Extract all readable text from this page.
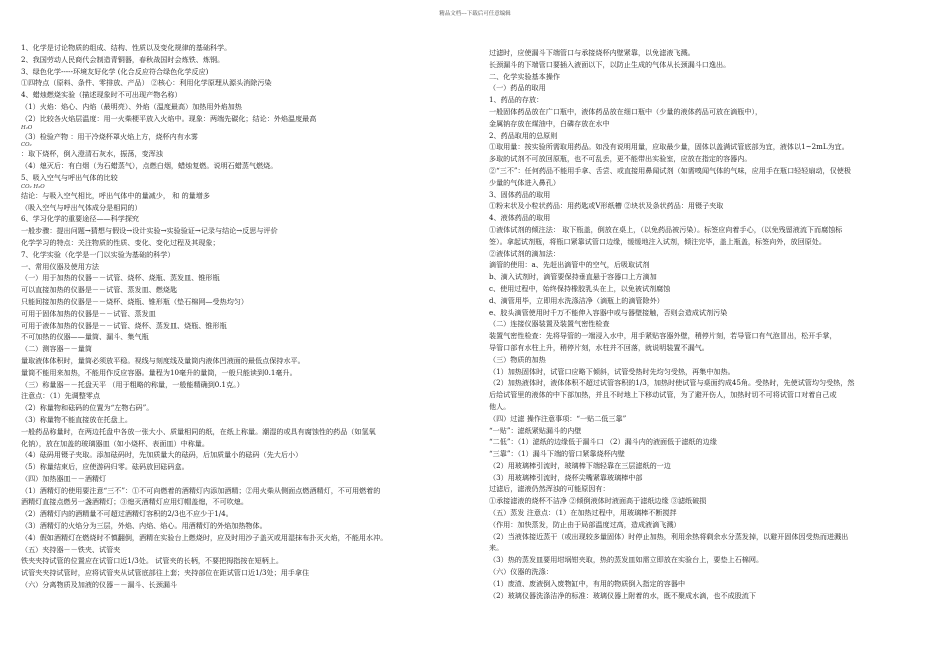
精品文档---下载后可任意编辑
1、化学是讨论物质的组成、结构、性质以及变化规律的基础科学。
2、我国劳动人民商代会制造青铜器，春秋战国时会炼铁、炼钢。
3、绿色化学-----环境友好化学 (化合反应符合绿色化学反应)
①四特点（原料、条件、零排放、产品） ②核心：利用化学原理从源头消除污染
4、蜡烛燃烧实验（描述现象时不可出现产物名称）
（1）火焰：焰心、内焰（最明亮）、外焰（温度最高）加热用外焰加热
（2）比较各火焰层温度：用一火柴梗平放入火焰中。现象：两端先碳化；结论：外焰温度最高
H₂O
（3）检验产物 ：用干冷烧杯罩火焰上方，烧杯内有水雾
CO₂
：取下烧杯，倒入澄清石灰水，振荡，变浑浊
（4）熄灭后：有白烟（为石蜡蒸气），点燃白烟，蜡烛复燃。说明石蜡蒸气燃烧。
5、吸入空气与呼出气体的比较
CO₂ H₂O
结论：与吸入空气相比，呼出气体中的量减少， 和 的量增多
（吸入空气与呼出气体成分是相同的）
6、学习化学的重要途径——科学探究
一般步骤：提出问题→猜想与假设→设计实验→实验验证→记录与结论→反思与评价
化学学习的特点：关注物质的性质、变化、变化过程及其现象；
7、化学实验（化学是一门以实验为基础的科学）
一、常用仪器及使用方法
（一）用于加热的仪器－－试管、烧杯、烧瓶、蒸发皿、锥形瓶
可以直接加热的仪器是－－试管、蒸发皿、燃烧匙
只能间接加热的仪器是－－烧杯、烧瓶、锥形瓶（垫石棉网—受热均匀）
可用于固体加热的仪器是－－试管、蒸发皿
可用于液体加热的仪器是－－试管、烧杯、蒸发皿、烧瓶、锥形瓶
不可加热的仪器——量筒、漏斗、集气瓶
（二）测容器－－量筒
量取液体体积时，量筒必须放平稳。视线与刻度线及量筒内液体凹液面的最低点保持水平。
量筒不能用来加热，不能用作反应容器。量程为10毫升的量筒，一般只能读到0.1毫升。
（三）称量器－－托盘天平 （用于粗略的称量，一般能精确到0.1克。）
注意点：（1）先调整零点
（2）称量物和砝码的位置为“左物右码”。
（3）称量物不能直接放在托盘上。
一般药品称量时，在两边托盘中各放一张大小、质量相同的纸，在纸上称量。潮湿的或具有腐蚀性的药品（如氢氧
化钠），放在加盖的玻璃器皿（如小烧杯、表面皿）中称量。
（4）砝码用镊子夹取。添加砝码时，先加质量大的砝码，后加质量小的砝码（先大后小）
（5）称量结束后，应使游码归零。砝码放回砝码盒。
（四）加热器皿－－酒精灯
（1）酒精灯的使用要注意“三不”：①不可向燃着的酒精灯内添加酒精；②用火柴从侧面点燃酒精灯，不可用燃着的
酒精灯直接点燃另一盏酒精灯；③熄灭酒精灯应用灯帽盖熄，不可吹熄。
（2）酒精灯内的酒精量不可超过酒精灯容积的2/3也不应少于1/4。
（3）酒精灯的火焰分为三层，外焰、内焰、焰心。用酒精灯的外焰加热物体。
（4）假如酒精灯在燃烧时不慎翻倒，酒精在实验台上燃烧时，应及时用沙子盖灭或用湿抹布扑灭火焰，不能用水冲。
（五）夹持器－－铁夹、试管夹
铁夹夹持试管的位置应在试管口近1/3处。 试管夹的长柄，不要把拇指按在短柄上。
试管夹夹持试管时，应将试管夹从试管底部往上套；夹持部位在距试管口近1/3处；用手拿住
（六）分离物质及加液的仪器－－漏斗、长颈漏斗
过滤时，应使漏斗下端管口与承接烧杯内壁紧靠，以免滤液飞溅。
长颈漏斗的下端管口要插入液面以下，以防止生成的气体从长颈漏斗口逸出。
二、化学实验基本操作
（一）药品的取用
1、药品的存放：
一般固体药品放在广口瓶中，液体药品放在细口瓶中（少量的液体药品可放在滴瓶中），
金属钠存放在煤油中，白磷存放在水中
2、药品取用的总原则
①取用量：按实验所需取用药品。如没有说明用量，应取最少量，固体以盖满试管底部为宜，液体以1~2mL为宜。
多取的试剂不可放回原瓶，也不可乱丢，更不能带出实验室，应放在指定的容器内。
②“三不”：任何药品不能用手拿、舌尝、或直接用鼻闻试剂（如需嗅闻气体的气味，应用手在瓶口轻轻扇动，仅使极
少量的气体进入鼻孔）
3、固体药品的取用
①粉末状及小粒状药品：用药匙或V形纸槽 ②块状及条状药品：用镊子夹取
4、液体药品的取用
①液体试剂的倾注法： 取下瓶盖，倒放在桌上，（以免药品被污染）。标签应向着手心，（以免残留液流下而腐蚀标
签）。拿起试剂瓶，将瓶口紧靠试管口边缘，缓缓地注入试剂，倾注完毕，盖上瓶盖，标签向外，放回原处。
②液体试剂的滴加法：
滴管的使用：a、先赶出滴管中的空气，后吸取试剂
b、滴入试剂时，滴管要保持垂直悬于容器口上方滴加
c、使用过程中，始终保持橡胶乳头在上，以免被试剂腐蚀
d、滴管用毕，立即用水洗涤洁净（滴瓶上的滴管除外）
e、胶头滴管使用时千万不能伸入容器中或与器壁接触，否则会造成试剂污染
（二）连接仪器装置及装置气密性检查
装置气密性检查：先将导管的一端浸入水中，用手紧贴容器外壁，稍停片刻，若导管口有气泡冒出，松开手掌，
导管口部有水柱上升，稍停片刻，水柱并不回落，就说明装置不漏气。
（三）物质的加热
（1）加热固体时，试管口应略下倾斜，试管受热时先均匀受热，再集中加热。
（2）加热液体时，液体体积不超过试管容积的1/3，加热时使试管与桌面约成45角。受热时，先使试管均匀受热，然
后给试管里的液体的中下部加热，并且不时地上下移动试管，为了避开伤人，加热时切不可将试管口对着自己或
他人。
（四）过滤 操作注意事项：“一贴二低三靠”
“一贴”：滤纸紧贴漏斗的内壁
“二低”：（1）滤纸的边缘低于漏斗口 （2）漏斗内的液面低于滤纸的边缘
“三靠”：（1）漏斗下端的管口紧靠烧杯内壁
（2）用玻璃棒引流时，玻璃棒下端轻靠在三层滤纸的一边
（3）用玻璃棒引流时，烧杯尖嘴紧靠玻璃棒中部
过滤后，滤液仍然浑浊的可能原因有：
①承接滤液的烧杯不洁净 ②倾倒液体时液面高于滤纸边缘 ③滤纸破损
（五）蒸发 注意点：（1）在加热过程中，用玻璃棒不断搅拌
（作用：加快蒸发，防止由于局部温度过高，造成液滴飞溅）
（2）当液体接近蒸干（或出现较多量固体）时停止加热，利用余热将剩余水分蒸发掉，以避开固体因受热而迸溅出
来。
（3）热的蒸发皿要用坩埚钳夹取，热的蒸发皿如需立即放在实验台上，要垫上石棉网。
（六）仪器的洗涤：
（1）废渣、废液倒入废物缸中，有用的物质倒入指定的容器中
（2）玻璃仪器洗涤洁净的标准：玻璃仪器上附着的水，既不聚成水滴，也不成股流下
